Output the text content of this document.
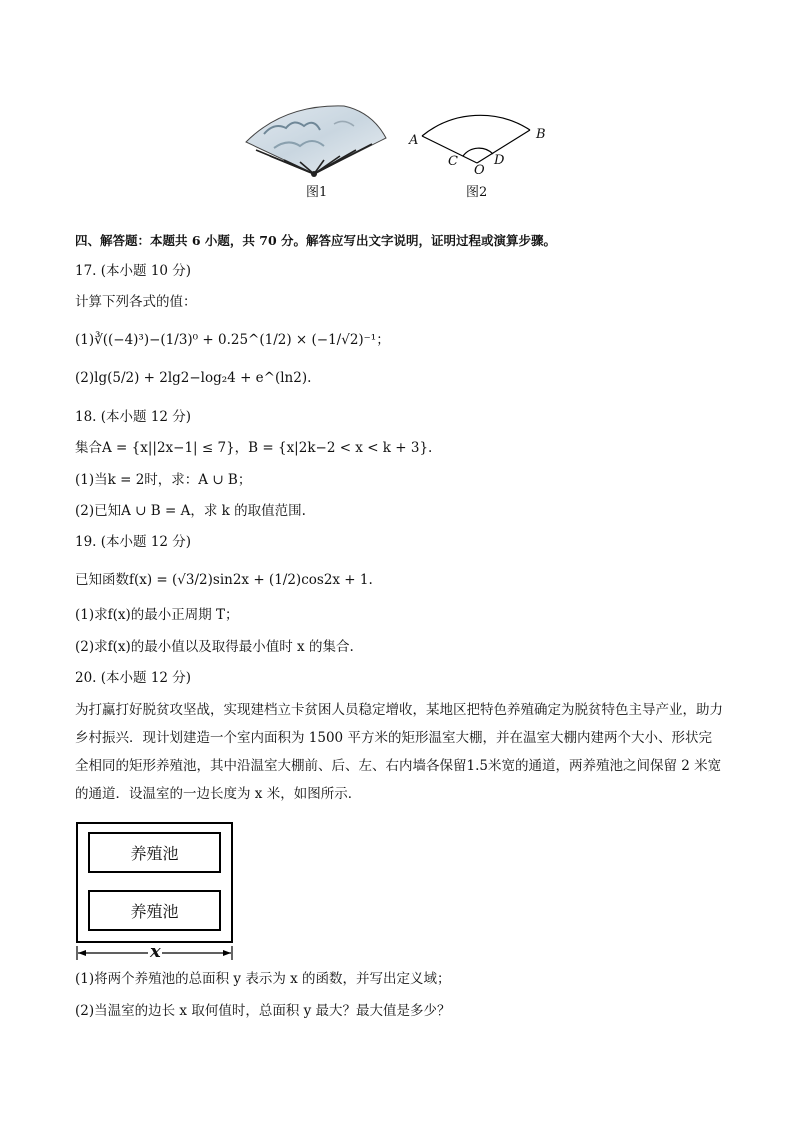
图1
A	B
C	D
O
图2
四、解答题：本题共 6 小题，共 70 分。解答应写出文字说明，证明过程或演算步骤。
17. (本小题 10 分)
计算下列各式的值：
(1)∛((−4)³)−(1/3)⁰ + 0.25^(1/2) × (−1/√2)⁻¹；
(2)lg(5/2) + 2lg2−log₂4 + e^(ln2).
18. (本小题 12 分)
集合A = {x||2x−1| ≤ 7}，B = {x|2k−2 < x < k + 3}.
(1)当k = 2时，求：A ∪ B；
(2)已知A ∪ B = A，求 k 的取值范围.
19. (本小题 12 分)
已知函数f(x) = (√3/2)sin2x + (1/2)cos2x + 1.
(1)求f(x)的最小正周期 T；
(2)求f(x)的最小值以及取得最小值时 x 的集合.
20. (本小题 12 分)
为打赢打好脱贫攻坚战，实现建档立卡贫困人员稳定增收，某地区把特色养殖确定为脱贫特色主导产业，助力乡村振兴．现计划建造一个室内面积为 1500 平方米的矩形温室大棚，并在温室大棚内建两个大小、形状完全相同的矩形养殖池，其中沿温室大棚前、后、左、右内墙各保留1.5米宽的通道，两养殖池之间保留 2 米宽的通道．设温室的一边长度为 x 米，如图所示．
养殖池
养殖池
x
(1)将两个养殖池的总面积 y 表示为 x 的函数，并写出定义域；
(2)当温室的边长 x 取何值时，总面积 y 最大？最大值是多少？
